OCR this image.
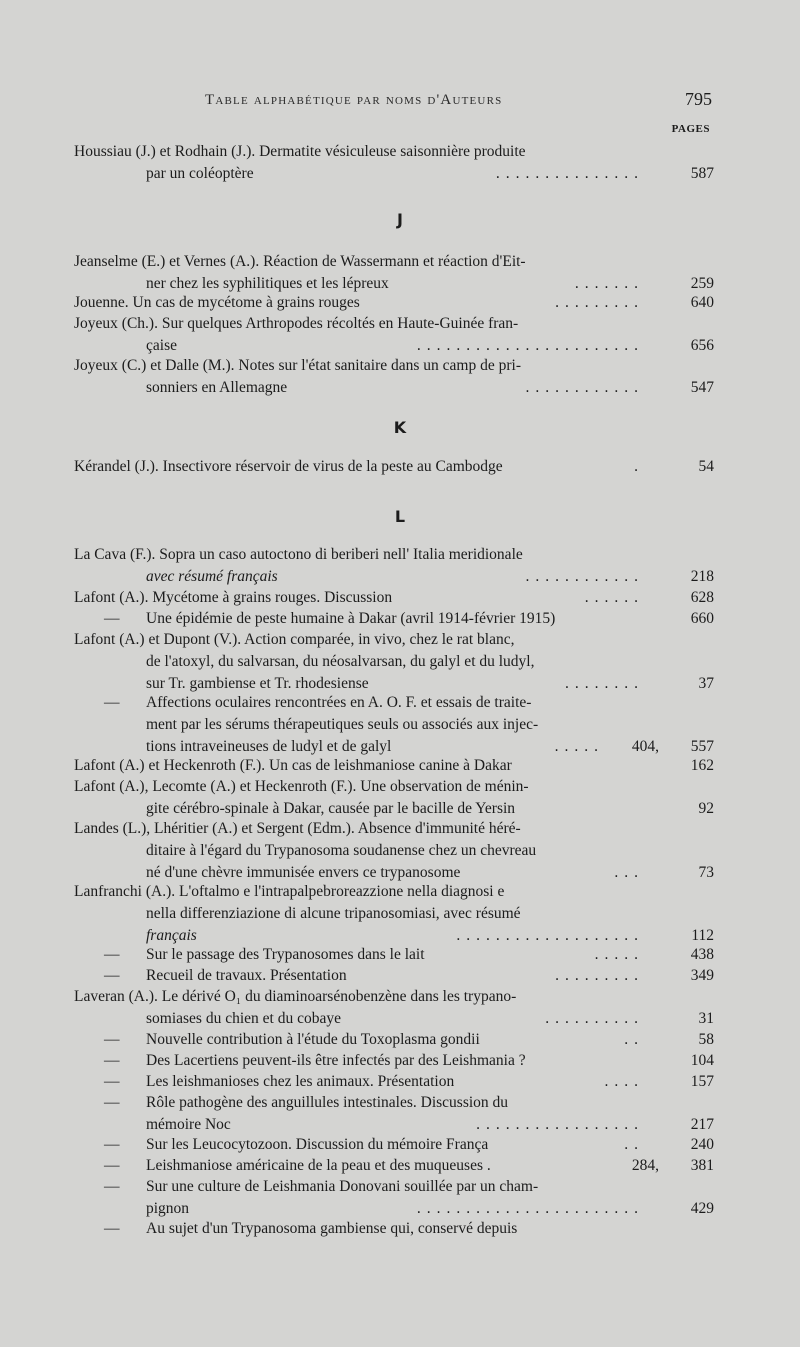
Table alphabétique par noms d'Auteurs	795
PAGES
Houssiau (J.) et Rodhain (J.). Dermatite vésiculeuse saisonnière produite
par un coléoptère	...............	587
J
Jeanselme (E.) et Vernes (A.). Réaction de Wassermann et réaction d'Eit-
ner chez les syphilitiques et les lépreux	.......	259
Jouenne. Un cas de mycétome à grains rouges	.........	640
Joyeux (Ch.). Sur quelques Arthropodes récoltés en Haute-Guinée fran-
çaise	.......................	656
Joyeux (C.) et Dalle (M.). Notes sur l'état sanitaire dans un camp de pri-
sonniers en Allemagne	............	547
K
Kérandel (J.). Insectivore réservoir de virus de la peste au Cambodge	.	54
L
La Cava (F.). Sopra un caso autoctono di beriberi nell' Italia meridionale
avec résumé français	............	218
Lafont (A.). Mycétome à grains rouges. Discussion	......	628
— Une épidémie de peste humaine à Dakar (avril 1914-février 1915)	660
Lafont (A.) et Dupont (V.). Action comparée, in vivo, chez le rat blanc,
de l'atoxyl, du salvarsan, du néosalvarsan, du galyl et du ludyl,
sur Tr. gambiense et Tr. rhodesiense	........	37
— Affections oculaires rencontrées en A. O. F. et essais de traite-
ment par les sérums thérapeutiques seuls ou associés aux injec-
tions intraveineuses de ludyl et de galyl	.....	404,	557
Lafont (A.) et Heckenroth (F.). Un cas de leishmaniose canine à Dakar	162
Lafont (A.), Lecomte (A.) et Heckenroth (F.). Une observation de ménin-
gite cérébro-spinale à Dakar, causée par le bacille de Yersin	92
Landes (L.), Lhéritier (A.) et Sergent (Edm.). Absence d'immunité héré-
ditaire à l'égard du Trypanosoma soudanense chez un chevreau
né d'une chèvre immunisée envers ce trypanosome	...	73
Lanfranchi (A.). L'oftalmo e l'intrapalpebroreazzione nella diagnosi e
nella differenziazione di alcune tripanosomiasi, avec résumé
français	...................	112
— Sur le passage des Trypanosomes dans le lait	.....	438
— Recueil de travaux. Présentation	.........	349
Laveran (A.). Le dérivé O₁ du diaminoarsénobenzène dans les trypano-
somiases du chien et du cobaye	..........	31
— Nouvelle contribution à l'étude du Toxoplasma gondii	..	58
— Des Lacertiens peuvent-ils être infectés par des Leishmania ?	104
— Les leishmanioses chez les animaux. Présentation	....	157
— Rôle pathogène des anguillules intestinales. Discussion du
mémoire Noc	.................	217
— Sur les Leucocytozoon. Discussion du mémoire França	..	240
— Leishmaniose américaine de la peau et des muqueuses .	284,	381
— Sur une culture de Leishmania Donovani souillée par un cham-
pignon	.......................	429
— Au sujet d'un Trypanosoma gambiense qui, conservé depuis
